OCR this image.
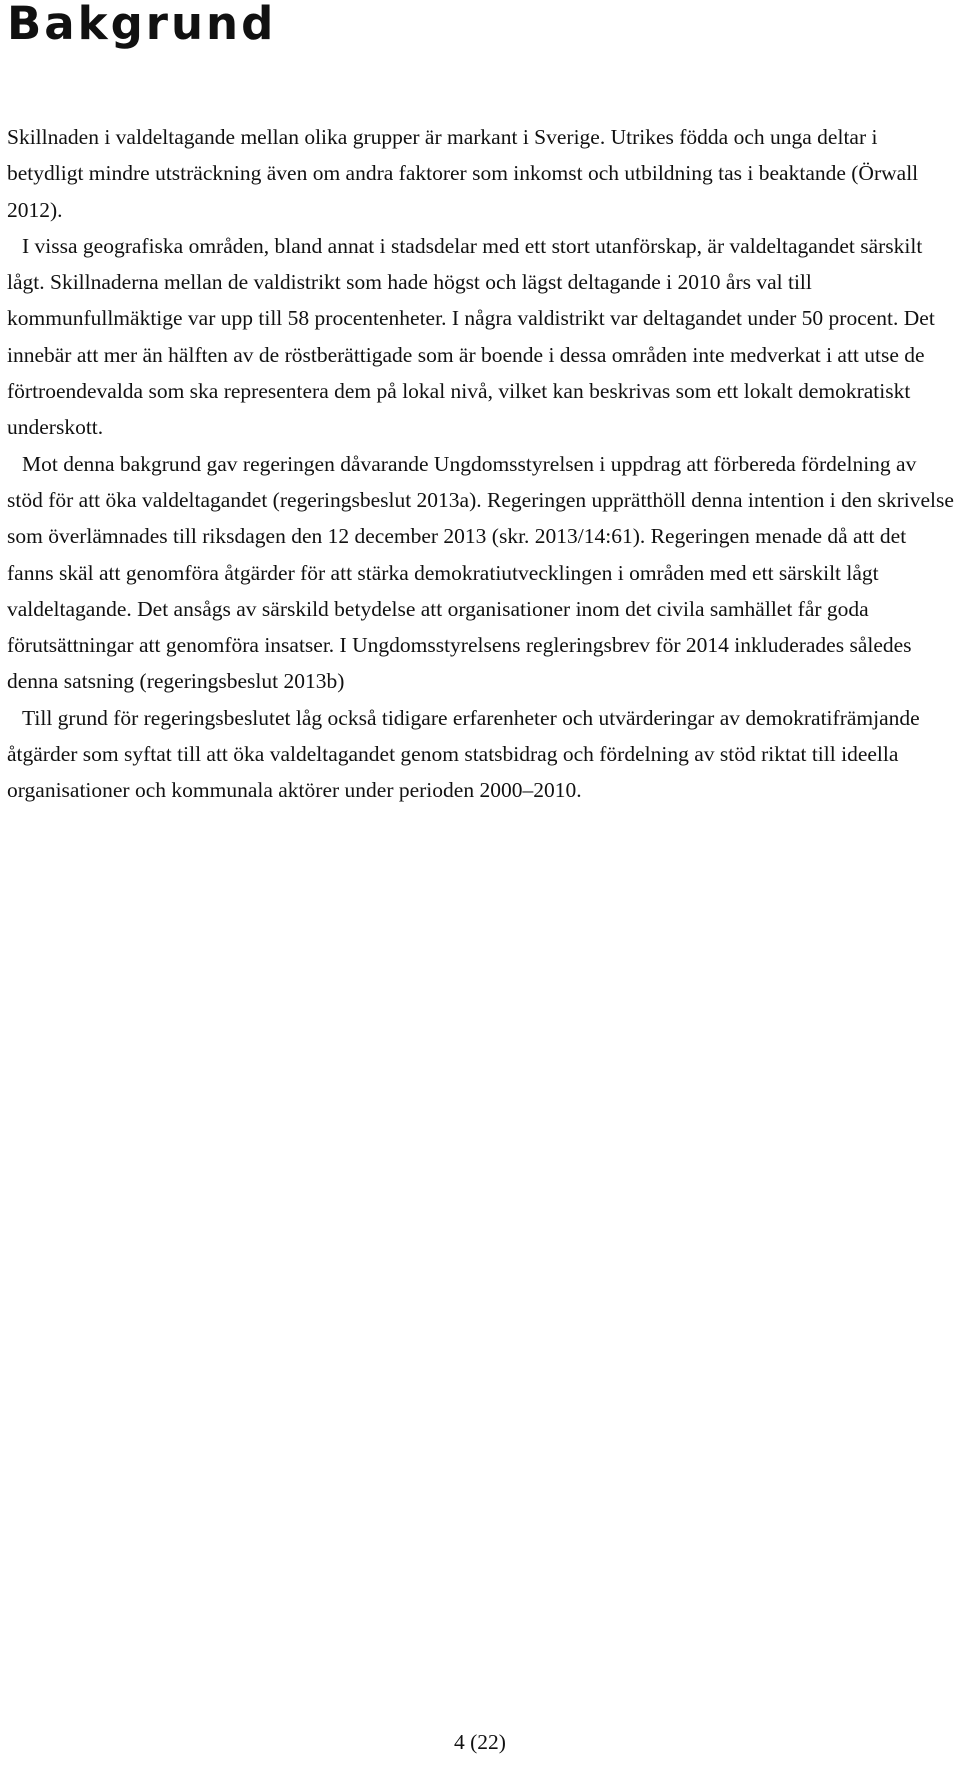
Bakgrund

Skillnaden i valdeltagande mellan olika grupper är markant i Sverige. Utrikes födda och unga deltar i betydligt mindre utsträckning även om andra faktorer som inkomst och utbildning tas i beaktande (Örwall 2012).

I vissa geografiska områden, bland annat i stadsdelar med ett stort utanförskap, är valdeltagandet särskilt lågt. Skillnaderna mellan de valdistrikt som hade högst och lägst deltagande i 2010 års val till kommunfullmäktige var upp till 58 procentenheter. I några valdistrikt var deltagandet under 50 procent. Det innebär att mer än hälften av de röstberättigade som är boende i dessa områden inte medverkat i att utse de förtroendevalda som ska representera dem på lokal nivå, vilket kan beskrivas som ett lokalt demokratiskt underskott.

Mot denna bakgrund gav regeringen dåvarande Ungdomsstyrelsen i uppdrag att förbereda fördelning av stöd för att öka valdeltagandet (regeringsbeslut 2013a). Regeringen upprätthöll denna intention i den skrivelse som överlämnades till riksdagen den 12 december 2013 (skr. 2013/14:61). Regeringen menade då att det fanns skäl att genomföra åtgärder för att stärka demokratiutvecklingen i områden med ett särskilt lågt valdeltagande. Det ansågs av särskild betydelse att organisationer inom det civila samhället får goda förutsättningar att genomföra insatser. I Ungdomsstyrelsens regleringsbrev för 2014 inkluderades således denna satsning (regeringsbeslut 2013b)

Till grund för regeringsbeslutet låg också tidigare erfarenheter och utvärderingar av demokratifrämjande åtgärder som syftat till att öka valdeltagandet genom statsbidrag och fördelning av stöd riktat till ideella organisationer och kommunala aktörer under perioden 2000–2010.

4 (22)
